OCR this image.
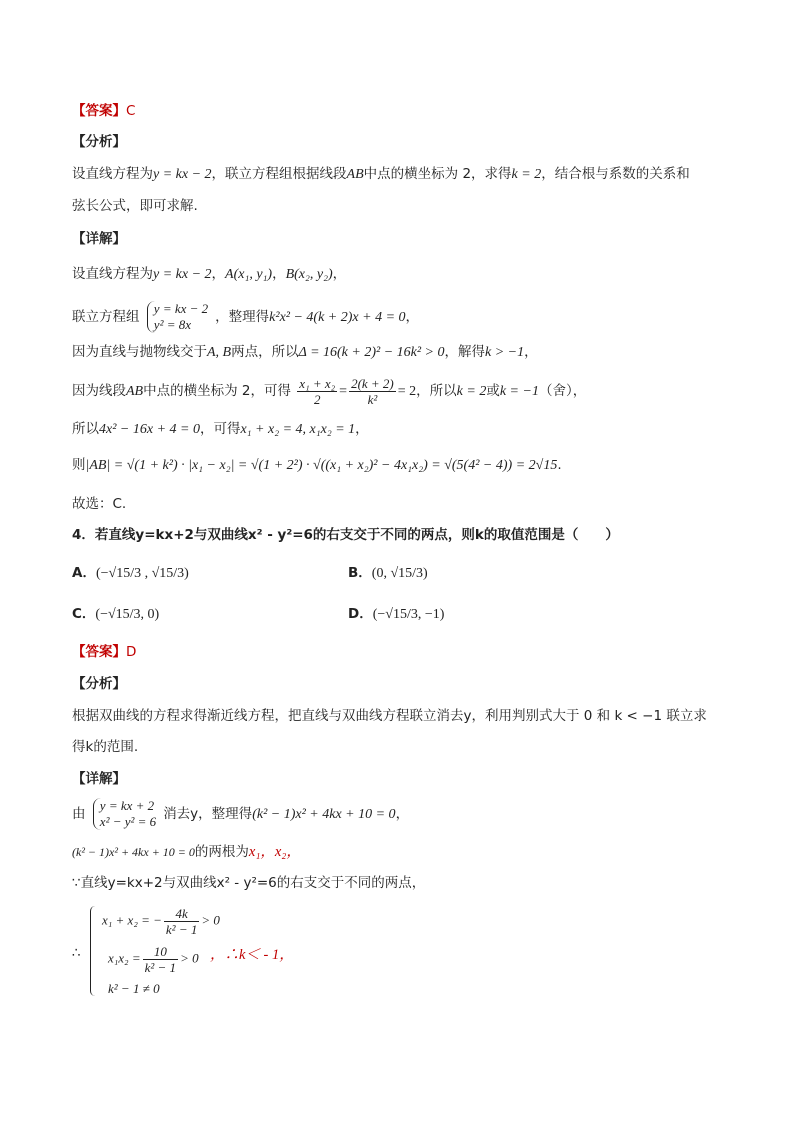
【答案】C
【分析】
设直线方程为y = kx − 2，联立方程组根据线段AB中点的横坐标为 2，求得k = 2，结合根与系数的关系和
弦长公式，即可求解.
【详解】
设直线方程为y = kx − 2，A(x₁, y₁)，B(x₂, y₂)，
联立方程组
y = kx − 2
y² = 8x	，整理得k²x² − 4(k + 2)x + 4 = 0，
因为直线与抛物线交于A, B两点，所以Δ = 16(k + 2)² − 16k² > 0，解得k > −1，
因为线段AB中点的横坐标为 2，可得 $\frac{\text{x₁ + x₂}}{2} = \frac{2(k + 2)}{\text{k²}} = 2$，所以k = 2或k = −1（舍），
所以4x² − 16x + 4 = 0，可得x₁ + x₂ = 4, x₁x₂ = 1，
则|AB| = √(1 + k²) · |x₁ − x₂| = √(1 + 2²) · √((x₁ + x₂)² − 4x₁x₂) = √(5(4² − 4)) = 2√15.
故选：C.
4．若直线y=kx+2与双曲线x² - y²=6的右支交于不同的两点，则k的取值范围是（　　）
A．(−√15/3 , √15/3)	B．(0, √15/3)
C．(−√15/3, 0)	D．(−√15/3, −1)
【答案】D
【分析】
根据双曲线的方程求得渐近线方程，把直线与双曲线方程联立消去y，利用判别式大于 0 和 k < −1 联立求
得k的范围.
【详解】
由
y = kx + 2
x² − y² = 6 消去y，整理得(k² − 1)x² + 4kx + 10 = 0，
(k² − 1)x² + 4kx + 10 = 0的两根为x₁，x₂，
∵直线y=kx+2与双曲线x² - y²=6的右支交于不同的两点，
∴
x₁ + x₂ = − $\frac{4k}{\text{k² − 1}} > 0$
$x_1x_2 = \frac{10}{\text{k² − 1}} > 0$
k² − 1 ≠ 0
，∴k＜ - 1，
